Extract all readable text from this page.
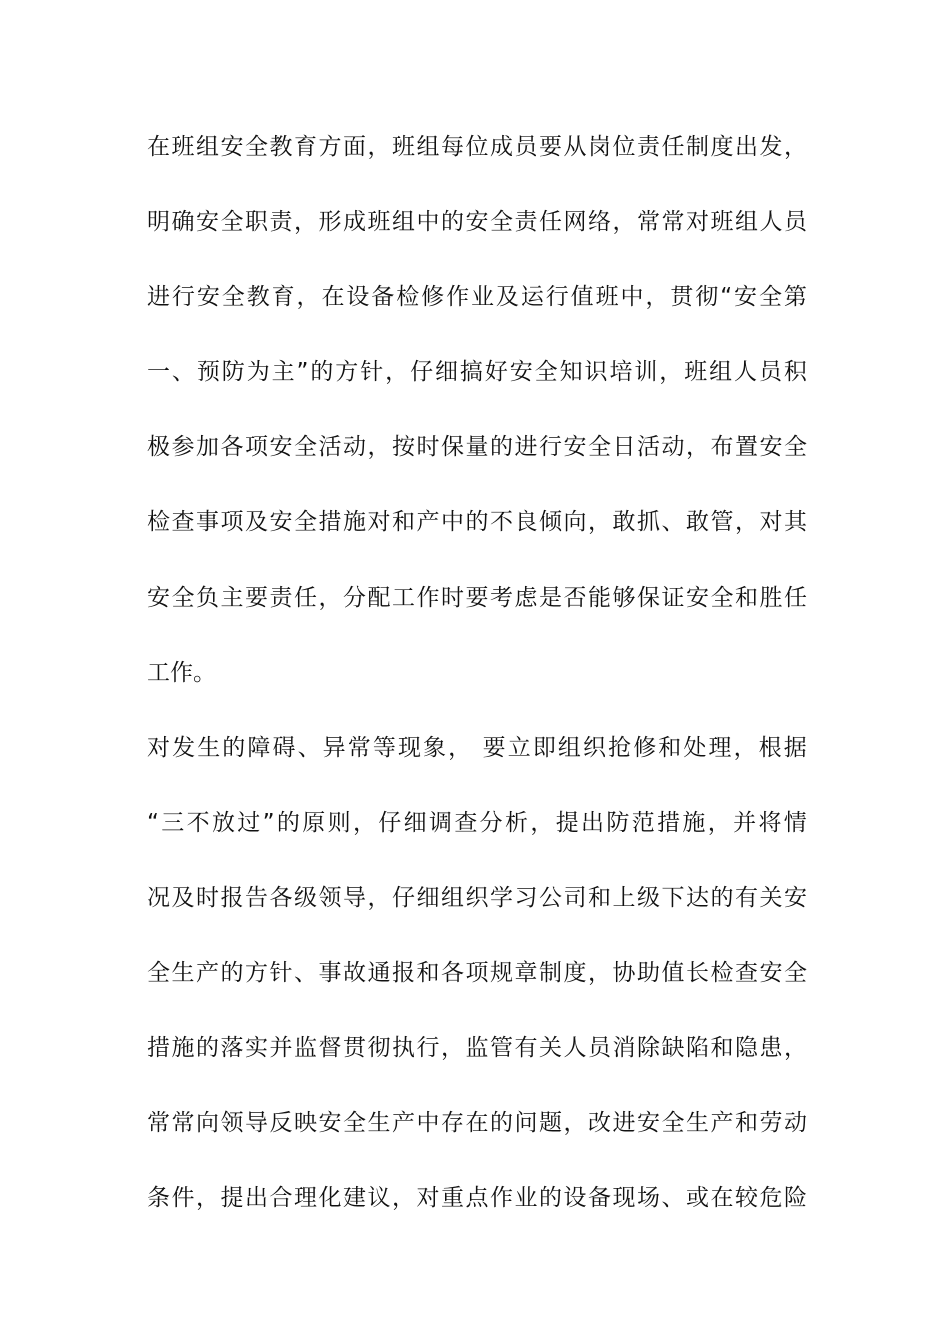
在 班 组 安 全 教 育 方 面 ， 班 组 每 位 成 员 要 从 岗 位 责 任 制 度 出 发 ，
明 确 安 全 职 责 ， 形 成 班 组 中 的 安 全 责 任 网 络 ， 常 常 对 班 组 人 员
进 行 安 全 教 育 ， 在 设 备 检 修 作 业 及 运 行 值 班 中 ， 贯 彻 “ 安 全 第
一 、 预 防 为 主 ” 的 方 针 ， 仔 细 搞 好 安 全 知 识 培 训 ， 班 组 人 员 积
极 参 加 各 项 安 全 活 动 ， 按 时 保 量 的 进 行 安 全 日 活 动 ， 布 置 安 全
检 查 事 项 及 安 全 措 施 对 和 产 中 的 不 良 倾 向 ， 敢 抓 、 敢 管 ， 对 其
安 全 负 主 要 责 任 ， 分 配 工 作 时 要 考 虑 是 否 能 够 保 证 安 全 和 胜 任
工作。
对 发 生 的 障 碍 、 异 常 等 现 象 ，
要 立 即 组 织 抢 修 和 处 理 ， 根 据
“ 三 不 放 过 ” 的 原 则 ， 仔 细 调 查 分 析 ， 提 出 防 范 措 施 ， 并 将 情
况 及 时 报 告 各 级 领 导 ， 仔 细 组 织 学 习 公 司 和 上 级 下 达 的 有 关 安
全 生 产 的 方 针 、 事 故 通 报 和 各 项 规 章 制 度 ， 协 助 值 长 检 查 安 全
措 施 的 落 实 并 监 督 贯 彻 执 行 ， 监 管 有 关 人 员 消 除 缺 陷 和 隐 患 ，
常 常 向 领 导 反 映 安 全 生 产 中 存 在 的 问 题 ， 改 进 安 全 生 产 和 劳 动
条 件 ， 提 出 合 理 化 建 议 ， 对 重 点 作 业 的 设 备 现 场 、 或 在 较 危 险
